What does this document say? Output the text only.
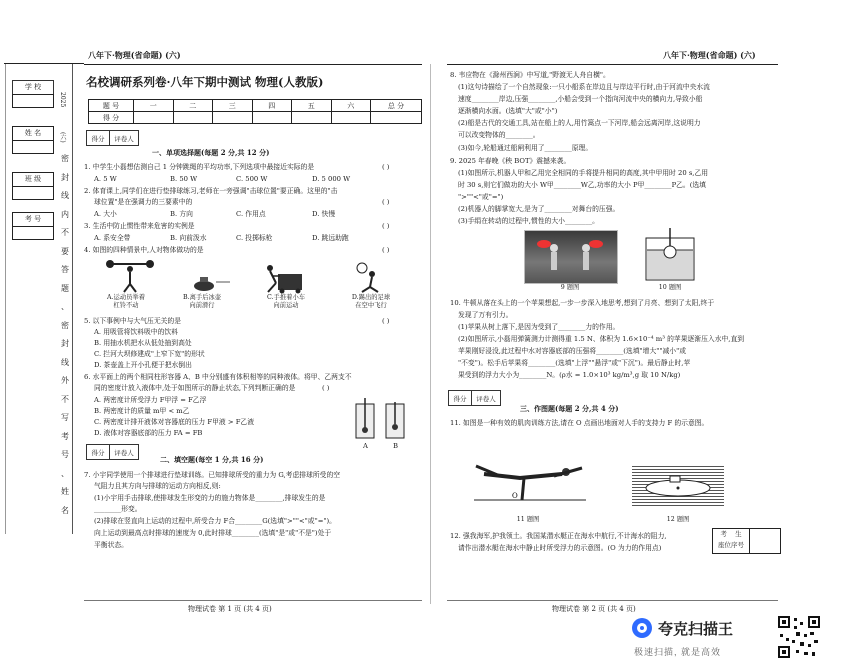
学 校
姓 名
班 级
考 号
2025
(六)
密
封
线
内
不
要
答
题
、
密
封
线
外
不
写
考
号
、
姓
名
八年下·物理(省命题) (六)	八年下·物理(省命题) (六)
名校调研系列卷·八年下期中测试 物理(人教版)
题 号	一	二	三	四	五	六	总 分
得 分							
得分	评卷人
一、单项选择题(每题 2 分,共 12 分)
1. 中学生小磊想估测自己 1 分钟跳绳的平均功率,下列选项中最接近实际的是	( )
A. 5 W	B. 50 W	C. 500 W	D. 5 000 W
2. 体育课上,同学们在进行垫排球练习,老师在一旁强调"击球位置"要正确。这里的"击
球位置"是在强调力的三要素中的	( )
A. 大小	B. 方向	C. 作用点	D. 快慢
3. 生活中防止惯性带来危害的实例是	( )
A. 系安全带	B. 向前泼水	C. 投掷标枪	D. 跳远助跑
4. 如图的四种情景中,人对物体做功的是	( )
A.运动员举着
杠铃不动
B.离手后冰壶
向前滑行
C.手推着小车
向前运动
D.踢出的足球
在空中飞行
5. 以下事例中与大气压无关的是	( )
A. 用吸管将饮料吸中的饮料
B. 用抽水机把水从低处抽到高处
C. 拦河大坝修建成"上窄下宽"的形状
D. 茶壶盖上开小孔便于把水倒出
6. 水平面上的两个相同柱形容器 A、B 中分别盛有体积相等的同种液体。将甲、乙两支不
同的密度计放入液体中,处于如图所示的静止状态,下列判断正确的是	( )
A. 两密度计所受浮力 F甲浮 = F乙浮
B. 两密度计的质量 m甲 < m乙
C. 两密度计排开液体对容器底的压力 F甲液 > F乙液
D. 液体对容器底部的压力 FA = FB
A	B
得分	评卷人
二、填空题(每空 1 分,共 16 分)
7. 小宇同学使用一个排球进行垫球训练。已知排球所受的重力为 G,考虑排球所受的空
气阻力且其方向与排球的运动方向相反,则:
(1)小宇用手击排球,使排球发生形变的力的施力物体是________,排球发生的是
________形变。
(2)排球在竖直向上运动的过程中,所受合力 F合________G(选填">""<"或"=")。
向上运动到最高点时排球的速度为 0,此时排球________(选填"是"或"不是")处于
平衡状态。
物理试卷 第 1 页 (共 4 页)
8. 韦应物在《滁州西涧》中写道,"野渡无人舟自横"。
(1)这句诗描绘了一个自然现象:一只小船系在岸边且与岸边平行时,由于河流中央水流
速度________岸边,压强________,小船会受到一个指向河流中央的横向力,导致小船
逐渐横向水面。(选填"大"或"小")
(2)船是古代的交通工具,站在船上的人,用竹篙点一下河岸,船会远离河岸,这说明力
可以改变物体的________。
(3)如今,轮船通过船闸利用了________原理。
9. 2025 年春晚《秧 BOT》震撼来袭。
(1)如图所示,机器人甲和乙用完全相同的手将提升相同的高度,其中甲用时 20 s,乙用
时 30 s,则它们做功的大小 W甲________W乙,功率的大小 P甲________P乙。(选填
">""<"或"=")
(2)机器人的脚掌宽大,是为了________对舞台的压强。
(3)手绢在转动的过程中,惯性的大小________。
9 题图	10 题图
10. 牛顿从落在头上的一个苹果想起,一步一步深入地思考,想到了月亮、想到了太阳,终于
发现了万有引力。
(1)苹果从树上落下,是因为受到了________力的作用。
(2)如图所示,小磊用弹簧测力计测得重 1.5 N、体积为 1.6×10⁻⁴ m³ 的苹果逐渐压入水中,直到
苹果刚好浸没,此过程中水对容器底部的压强将________(选填"增大""减小"或
"不变")。松手后苹果将________(选填"上浮""悬浮"或"下沉")。最后静止时,苹
果受到的浮力大小为________N。(ρ水 = 1.0×10³ kg/m³,g 取 10 N/kg)
得分	评卷人
三、作图题(每题 2 分,共 4 分)
11. 如图是一种有效的肌肉训练方法,请在 O 点画出地面对人手的支持力 F 的示意图。
O
11 题图	12 题图
12. 强我海军,护我领土。我国某潜水艇正在海水中航行,不计海水的阻力,
请作出潜水艇在海水中静止时所受浮力的示意图。(O 为力的作用点)
考    生
座位序号
物理试卷 第 2 页 (共 4 页)
夸克扫描王
极速扫描, 就是高效
